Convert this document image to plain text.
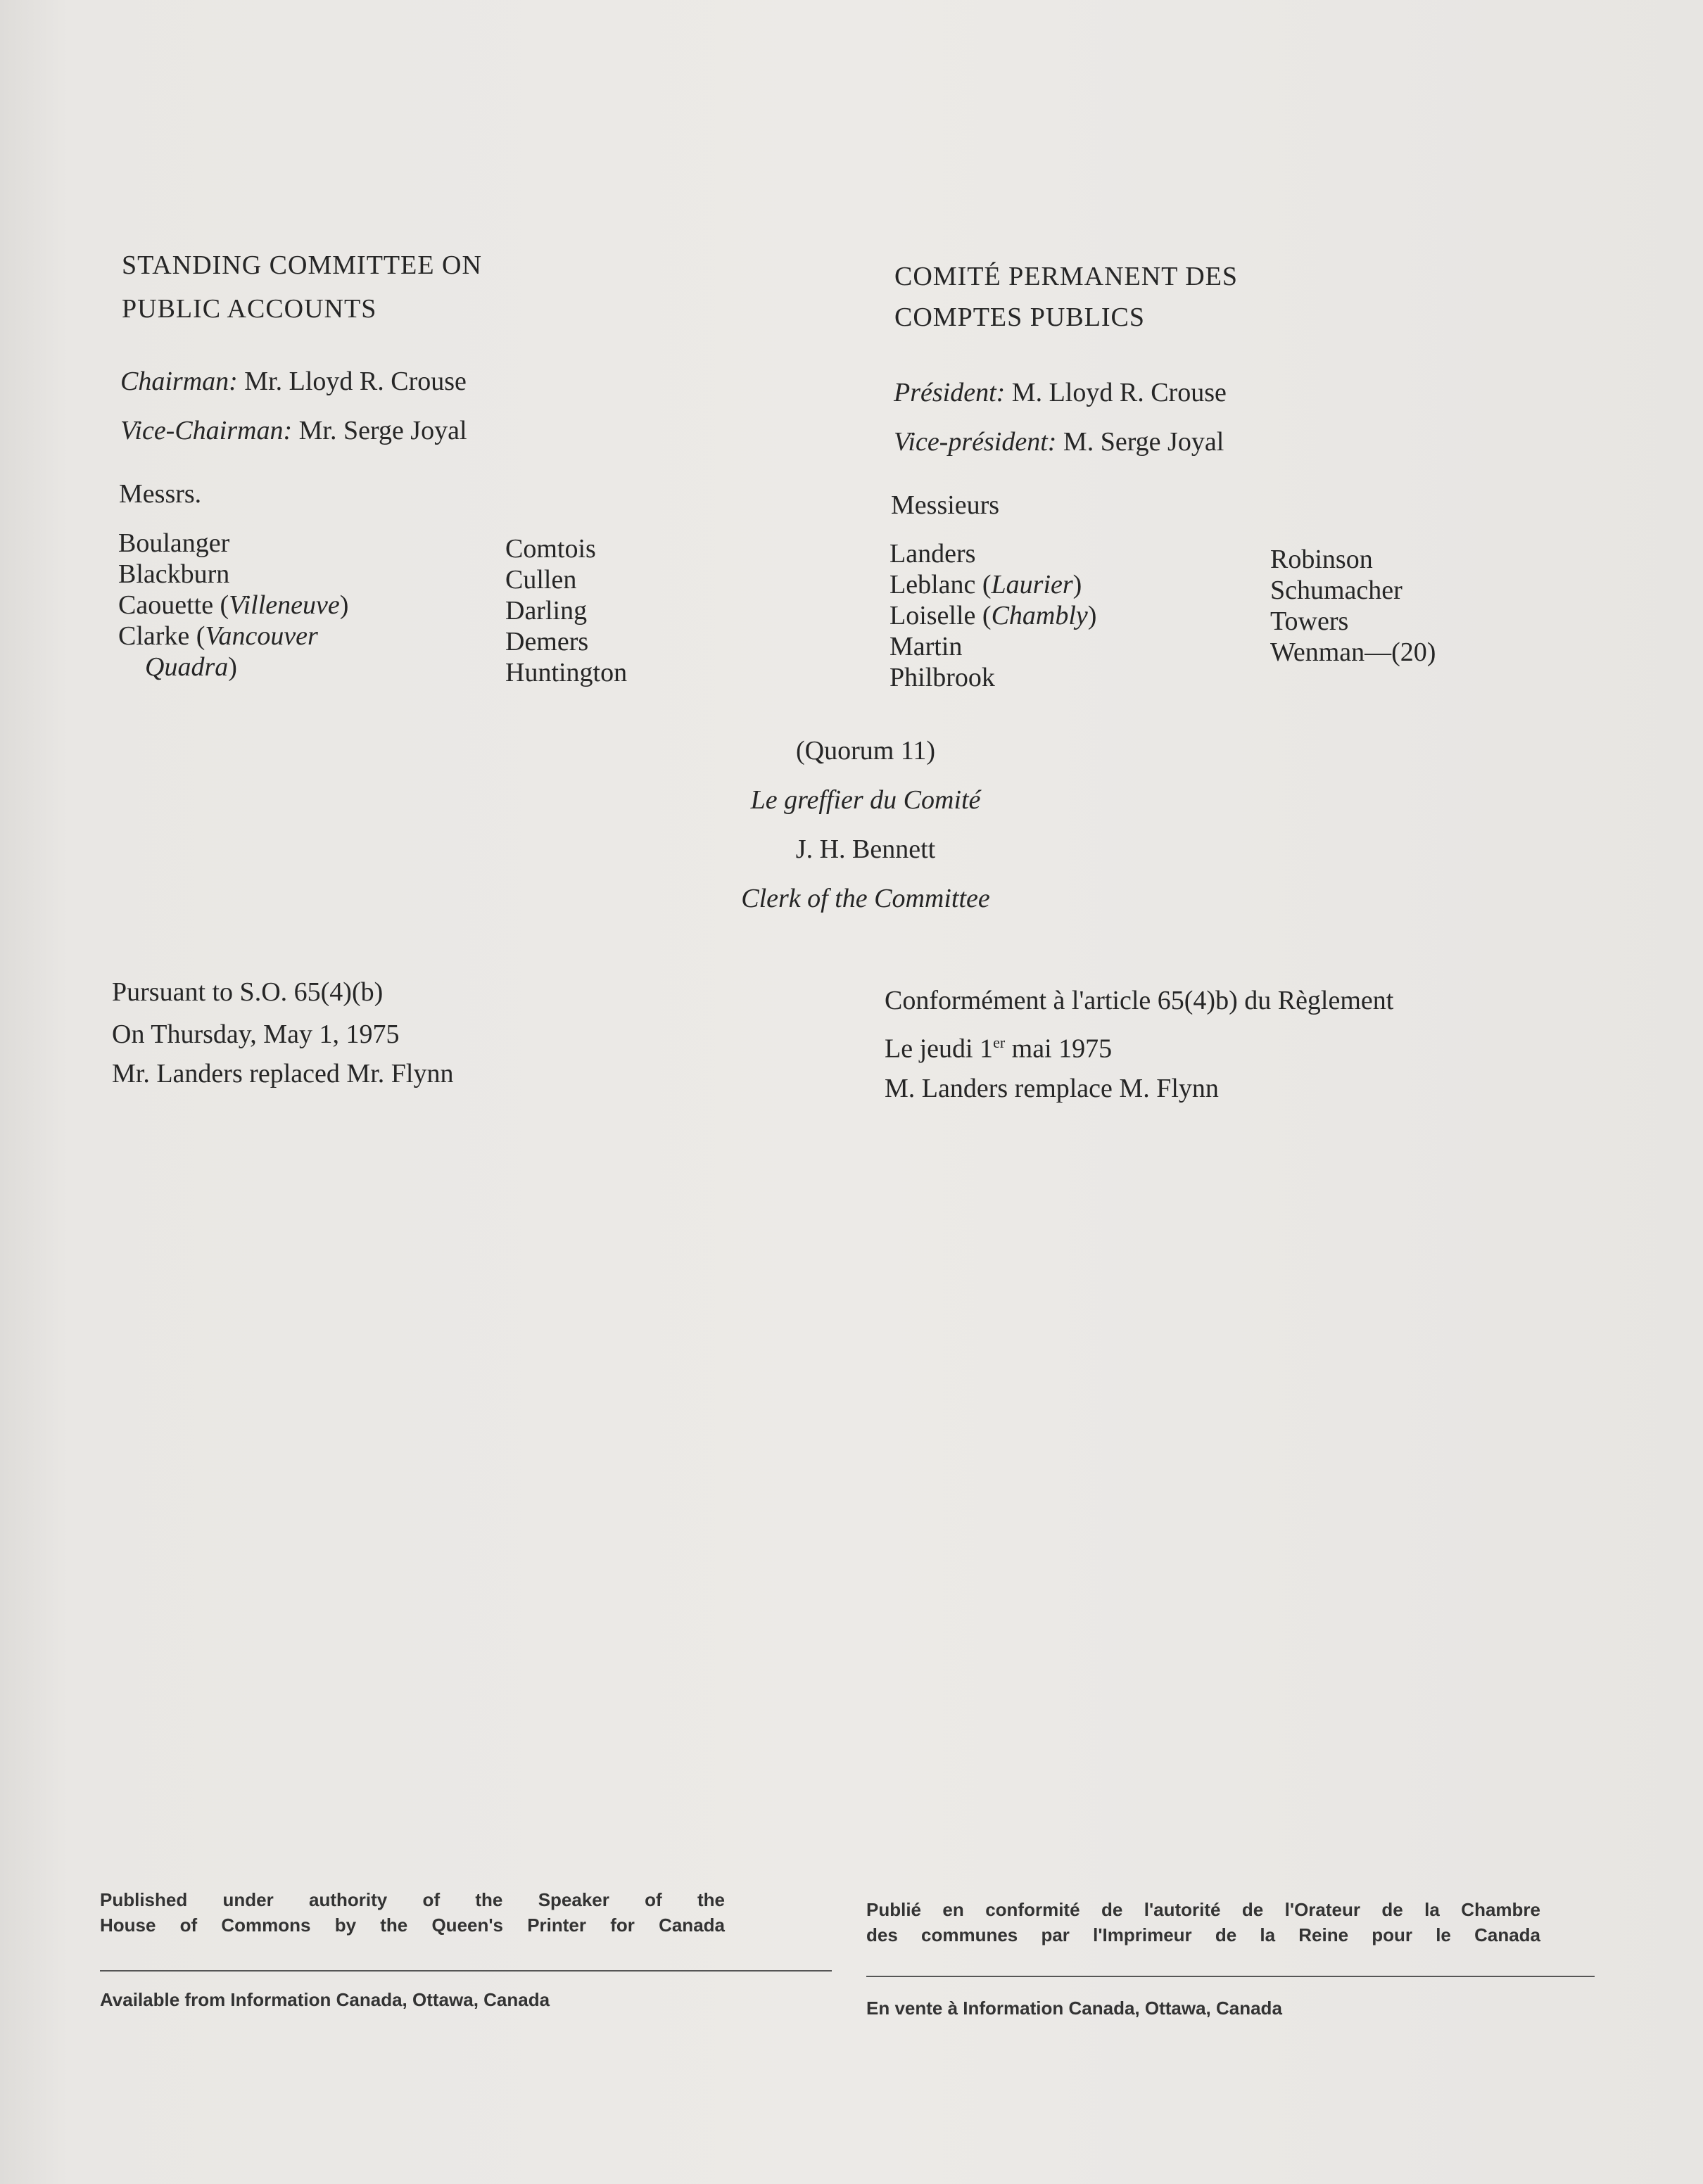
STANDING COMMITTEE ON
PUBLIC ACCOUNTS
Chairman: Mr. Lloyd R. Crouse
Vice-Chairman: Mr. Serge Joyal
Messrs.
Boulanger
Blackburn
Caouette (Villeneuve)
Clarke (Vancouver
Quadra)
Comtois
Cullen
Darling
Demers
Huntington
COMITÉ PERMANENT DES
COMPTES PUBLICS
Président: M. Lloyd R. Crouse
Vice-président: M. Serge Joyal
Messieurs
Landers
Leblanc (Laurier)
Loiselle (Chambly)
Martin
Philbrook
Robinson
Schumacher
Towers
Wenman—(20)
(Quorum 11)
Le greffier du Comité
J. H. Bennett
Clerk of the Committee
Pursuant to S.O. 65(4)(b)
On Thursday, May 1, 1975
Mr. Landers replaced Mr. Flynn
Conformément à l'article 65(4)b) du Règlement
Le jeudi 1er mai 1975
M. Landers remplace M. Flynn
Published under authority of the Speaker of the
House of Commons by the Queen's Printer for Canada
Available from Information Canada, Ottawa, Canada
Publié en conformité de l'autorité de l'Orateur de la Chambre
des communes par l'Imprimeur de la Reine pour le Canada
En vente à Information Canada, Ottawa, Canada
